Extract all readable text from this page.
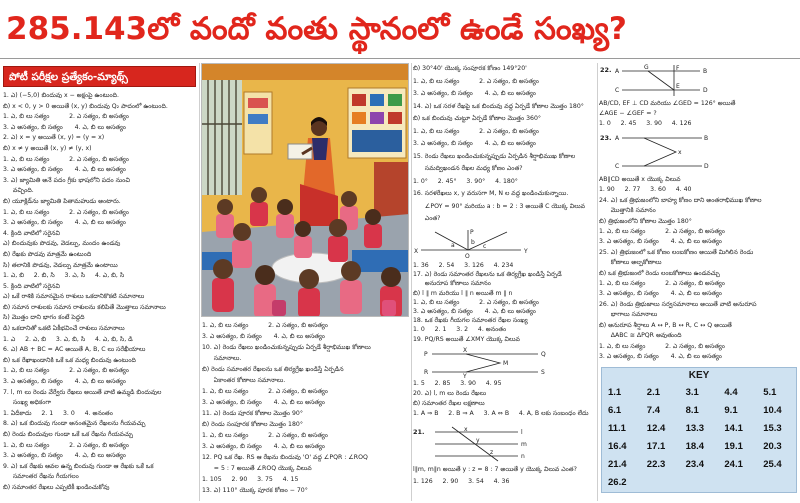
285.143లో వందో వంతు స్థానంలో ఉండే సంఖ్య?
పోటీ పరీక్షల ప్రత్యేకం-మ్యాథ్స్
1. ఎ) (−5,0) బిందువు x − అక్షంపై ఉంటుంది.
బి) x < 0, y > 0 అయితే (x, y) బిందువు Q₂ పాదంలో ఉంటుంది.
1. ఎ, బి లు సత్యం          2. ఎ సత్యం, బి అసత్యం
3. ఎ అసత్యం, బి సత్యం      4. ఎ, బి లు అసత్యం
2. ఎ) x = y అయితే (x, y) = (y = x)
బి) x ≠ y అయితే (x, y) ≠ (y, x)
1. ఎ, బి లు సత్యం          2. ఎ సత్యం, బి అసత్యం
3. ఎ అసత్యం, బి సత్యం      4. ఎ, బి లు అసత్యం
3. ఎ) జ్యామితి అనే పదం గ్రీకు భాషలోని పదం నుంచి
వచ్చింది.
బి) యూక్లిడ్‌ను జ్యామితి పితామహుడు అంటారు.
1. ఎ, బి లు సత్యం          2. ఎ సత్యం, బి అసత్యం
3. ఎ అసత్యం, బి సత్యం      4. ఎ, బి లు అసత్యం
4. క్రింది వాటిలో సరైనవి
ఎ) బిందువుకు పొడవు, వెడల్పు, మందం ఉండవు
బి) రేఖకు పొడవు మాత్రమే ఉంటుంది
సి) తలానికి పొడవు, వెడల్పు మాత్రమే ఉంటాయి
1. ఎ, బి     2. బి, సి     3. ఎ, సి     4. ఎ, బి, సి
5. క్రింది వాటిలో సరైనవి
ఎ) ఒకే రాశికి సమానమైన రాశులు ఒకదానికొకటి సమానాలు
బి) సమాన రాశులకు సమాన రాశులను కలిపితే మొత్తాలు సమానాలు
సి) మొత్తం దాని భాగం కంటే పెద్దది
డి) ఒకదానితో ఒకటి ఏకీభవించే రాశులు సమానాలు
1. ఎ     2. ఎ, బి     3. ఎ, బి, సి     4. ఎ, బి, సి, డి
6. ఎ) AB + BC = AC అయితే A, B, C లు సరేఖీయాలు
బి) ఒక రేఖాఖండానికి ఒకే ఒక మధ్య బిందువు ఉంటుంది
1. ఎ, బి లు సత్యం          2. ఎ సత్యం, బి అసత్యం
3. ఎ అసత్యం, బి సత్యం      4. ఎ, బి లు అసత్యం
7. l, m లు రెండు వేర్వేరు రేఖలు అయితే వాటి ఉమ్మడి బిందువుల
సంఖ్య అధికంగా
1. ఏదీకాదు     2. 1     3. 0     4. అనంతం
8. ఎ) ఒక బిందువు గుండా అనంతమైన రేఖలను గీయవచ్చు
బి) రెండు బిందువుల గుండా ఒకే ఒక రేఖను గీయవచ్చు
1. ఎ, బి లు సత్యం          2. ఎ సత్యం, బి అసత్యం
3. ఎ అసత్యం, బి సత్యం      4. ఎ, బి లు అసత్యం
9. ఎ) ఒక రేఖకు ఆవల ఉన్న బిందువు గుండా ఆ రేఖకు ఒకే ఒక
సమాంతర రేఖను గీయగలం
బి) సమాంతర రేఖలు ఎప్పటికీ ఖండించుకోవు
1. ఎ, బి లు సత్యం          2. ఎ సత్యం, బి అసత్యం
3. ఎ అసత్యం, బి సత్యం      4. ఎ, బి లు అసత్యం
10. ఎ) రెండు రేఖలు ఖండించుకున్నప్పుడు ఏర్పడే శీర్షాభిముఖ కోణాలు
సమానాలు.
బి) రెండు సమాంతర రేఖలను ఒక తిర్యగ్రేఖ ఖండిస్తే ఏర్పడిన
ఏకాంతర కోణాలు సమానాలు.
1. ఎ, బి లు సత్యం          2. ఎ సత్యం, బి అసత్యం
3. ఎ అసత్యం, బి సత్యం      4. ఎ, బి లు అసత్యం
11. ఎ) రెండు పూరక కోణాల మొత్తం 90°
బి) రెండు సంపూరక కోణాల మొత్తం 180°
1. ఎ, బి లు సత్యం          2. ఎ సత్యం, బి అసత్యం
3. ఎ అసత్యం, బి సత్యం      4. ఎ, బి లు అసత్యం
12. PQ ఒక రేఖ. RS ఆ రేఖను బిందువు 'O' వద్ద ∠PQR : ∠ROQ
= 5 : 7 అయితే ∠ROQ యొక్క విలువ
1. 105     2. 90     3. 75     4. 15
13. ఎ) 110° యొక్క పూరక కోణం − 70°
బి) 30°40' యొక్క సంపూరక కోణం 149°20'
1. ఎ, బి లు సత్యం          2. ఎ సత్యం, బి అసత్యం
3. ఎ అసత్యం, బి సత్యం      4. ఎ, బి లు అసత్యం
14. ఎ) ఒక సరళ రేఖపై ఒక బిందువు వద్ద ఏర్పడే కోణాల మొత్తం 180°
బి) ఒక బిందువు చుట్టూ ఏర్పడే కోణాల మొత్తం 360°
1. ఎ, బి లు సత్యం          2. ఎ సత్యం, బి అసత్యం
3. ఎ అసత్యం, బి సత్యం      4. ఎ, బి లు అసత్యం
15. రెండు రేఖలు ఖండించుకున్నప్పుడు ఏర్పడిన శీర్షాభిముఖ కోణాల
సమద్విఖండన రేఖల మధ్య కోణం ఎంత?
1. 0°     2. 45°     3. 90°     4. 180°
16. సరళరేఖలు x, y వరుసగా M, N ల వద్ద ఖండించుకున్నాయి.
∠POY = 90° మరియు a : b = 2 : 3 అయితే C యొక్క విలువ
ఎంత?
X	Y
O
P
a	b
c
1. 36     2. 54     3. 126     4. 234
17. ఎ) రెండు సమాంతర రేఖలను ఒక తిర్యగ్రేఖ ఖండిస్తే ఏర్పడే
అనురూప కోణాలు సమానం
బి) l ∥ m మరియు l ∥ n అయితే m ∥ n
1. ఎ, బి లు సత్యం          2. ఎ సత్యం, బి అసత్యం
3. ఎ అసత్యం, బి సత్యం      4. ఎ, బి లు అసత్యం
18. ఒక రేఖకు గీయగల సమాంతర రేఖల సంఖ్య
1. 0     2. 1     3. 2     4. అనంతం
19. PQ/RS అయితే ∠XMY యొక్క విలువ
P	Q
R	S
X
M
Y
1. 5     2. 85     3. 90     4. 95
20. ఎ) l, m లు రెండు రేఖలు
బి) సమాంతర రేఖల లక్షణాలు
1. A ⇒ B     2. B ⇒ A     3. A ⇔ B     4. A, B లకు సంబంధం లేదు
21.	l
m
n
x
y
z
l∥m, m∥n అయితే y : z = 8 : 7 అయితే y యొక్క విలువ ఎంత?
1. 126     2. 90     3. 54     4. 36
22. A	B
C	D
E
F
G
AB/CD, EF ⊥ CD మరియు ∠GED = 126° అయితే
∠AGE − ∠GEF = ?
1. 0     2. 45     3. 90     4. 126
23. A	B
C	D
x
AB∥CD అయితే x యొక్క విలువ
1. 90     2. 77     3. 60     4. 40
24. ఎ) ఒక త్రిభుజంలోని బాహ్య కోణం దాని అంతరాభిముఖ కోణాల
మొత్తానికి సమానం
బి) త్రిభుజంలోని కోణాల మొత్తం 180°
1. ఎ, బి లు సత్యం          2. ఎ సత్యం, బి అసత్యం
3. ఎ అసత్యం, బి సత్యం      4. ఎ, బి లు అసత్యం
25. ఎ) త్రిభుజంలో ఒక కోణం లంబకోణం అయితే మిగిలిన రెండు
కోణాలు అల్పకోణాలు
బి) ఒక త్రిభుజంలో రెండు లంబకోణాలు ఉండవచ్చు
1. ఎ, బి లు సత్యం          2. ఎ సత్యం, బి అసత్యం
3. ఎ అసత్యం, బి సత్యం      4. ఎ, బి లు అసత్యం
26. ఎ) రెండు త్రిభుజాలు సర్వసమానాలు అయితే వాటి అనురూప
భాగాలు సమానాలు
బి) అనురూప శీర్షాలు A ↔ P, B ↔ R, C ↔ Q అయితే
ΔABC ≅ ΔPQR అవుతుంది
1. ఎ, బి లు సత్యం          2. ఎ సత్యం, బి అసత్యం
3. ఎ అసత్యం, బి సత్యం      4. ఎ, బి లు అసత్యం
KEY
1.1	2.1	3.1	4.4	5.1
6.1	7.4	8.1	9.1	10.4
11.1	12.4	13.3	14.1	15.3
16.4	17.1	18.4	19.1	20.3
21.4	22.3	23.4	24.1	25.4
26.2
